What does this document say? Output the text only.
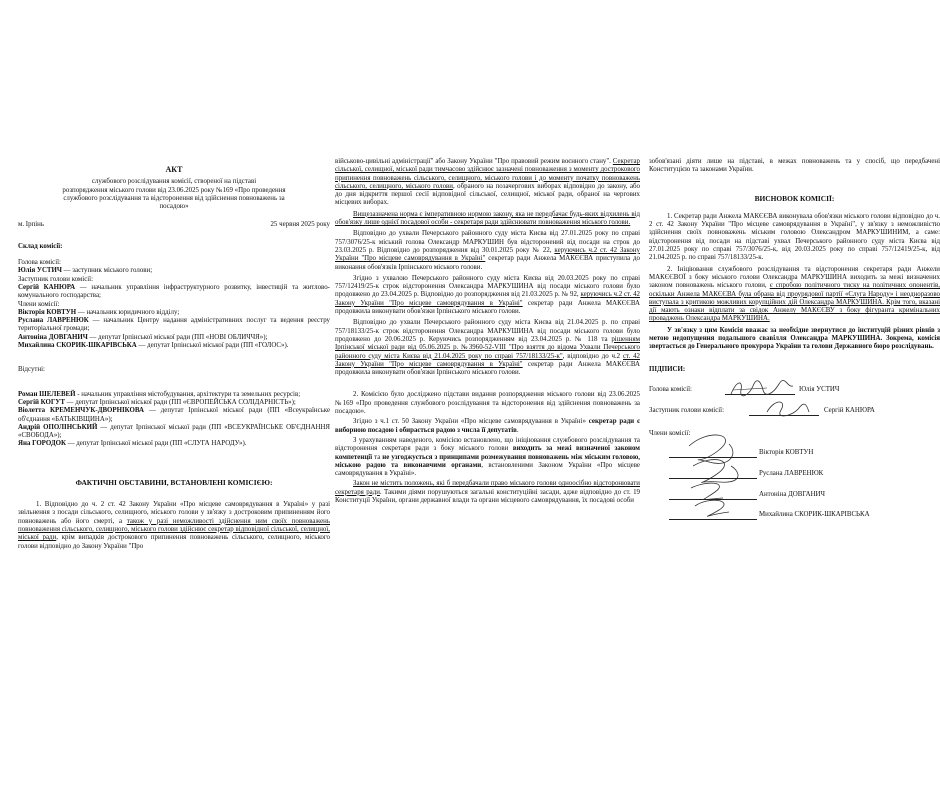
АКТ

службового розслідування комісії, створеної на підставі

розпорядження міського голови від 23.06.2025 року №169 «Про проведення

службового розслідування та відсторонення від здійснення повноважень за

посадою»

м. Ірпінь	25 червня 2025 року

Склад комісії:

Голова комісії:

Юлія УСТИЧ — заступник міського голови;

Заступник голови комісії:

Сергій КАНЮРА — начальник управління інфраструктурного розвитку, інвестицій та житлово-комунального господарства;

Члени комісії:

Вікторія КОВТУН — начальник юридичного відділу;

Руслана ЛАВРЕНЮК — начальник Центру надання адміністративних послуг та ведення реєстру територіальної громади;

Антоніна ДОВГАНИЧ — депутат Ірпінської міської ради (ПП «НОВІ ОБЛИЧЧЯ»);

Михайлина СКОРИК-ШКАРІВСЬКА — депутат Ірпінської міської ради (ПП «ГОЛОС»).

Відсутні:

Роман ШЕЛЕВЕЙ - начальник управління містобудування, архітектури та земельних ресурсів;

Сергій КОГУТ — депутат Ірпінської міської ради (ПП «ЄВРОПЕЙСЬКА СОЛІДАРНІСТЬ»);

Віолетта КРЕМЕНЧУК-ДВОРНІКОВА — депутат Ірпінської міської ради (ПП «Всеукраїнське об'єднання «БАТЬКІВЩИНА»);

Андрій ОПОЛІНСЬКИЙ — депутат Ірпінської міської ради (ПП «ВСЕУКРАЇНСЬКЕ ОБ'ЄДНАННЯ «СВОБОДА»);

Яна ГОРОДОК — депутат Ірпінської міської ради (ПП «СЛУГА НАРОДУ»).

ФАКТИЧНІ ОБСТАВИНИ, ВСТАНОВЛЕНІ КОМІСІЄЮ:

1. Відповідно до ч. 2 ст. 42 Закону України «Про місцеве самоврядування в Україні» у разі звільнення з посади сільського, селищного, міського голови у зв'язку з достроковим припиненням його повноважень або його смерті, а також у разі неможливості здійснення ним своїх повноважень повноваження сільського, селищного, міського голови здійснює секретар відповідної сільської, селищної, міської ради, крім випадків дострокового припинення повноважень сільського, селищного, міського голови відповідно до Закону України "Про

військово-цивільні адміністрації" або Закону України "Про правовий режим воєнного стану". Секретар сільської, селищної, міської ради тимчасово здійснює зазначені повноваження з моменту дострокового припинення повноважень сільського, селищного, міського голови і до моменту початку повноважень сільського, селищного, міського голови, обраного на позачергових виборах відповідно до закону, або до дня відкриття першої сесії відповідної сільської, селищної, міської ради, обраної на чергових місцевих виборах.

Вищезазначена норма є імперативною нормою закону, яка не передбачає будь-яких відхилень від обов'язку лише однієї посадової особи - секретаря ради здійснювати повноваження міського голови.

Відповідно до ухвали Печерського районного суду міста Києва від 27.01.2025 року по справі 757/3076/25-к міський голова Олександр МАРКУШИН був відсторонений від посади на строк до 23.03.2025 р. Відповідно до розпорядження від 30.01.2025 року № 22, керуючись ч.2 ст. 42 Закону України "Про місцеве самоврядування в Україні" секретар ради Анжела МАКЄЄВА приступила до виконання обов'язків Ірпінського міського голови.

Згідно з ухвалою Печерського районного суду міста Києва від 20.03.2025 року по справі 757/12419/25-к строк відсторонення Олександра МАРКУШИНА від посади міського голови було продовжено до 23.04.2025 р. Відповідно до розпорядження від 21.03.2025 р. № 92, керуючись ч.2 ст. 42 Закону України "Про місцеве самоврядування в Україні" секретар ради Анжела МАКЄЄВА продовжила виконувати обов'язки Ірпінського міського голови.

Відповідно до ухвали Печерського районного суду міста Києва від 21.04.2025 р. по справі 757/18133/25-к строк відсторонення Олександра МАРКУШИНА від посади міського голови було продовжено до 20.06.2025 р. Керуючись розпорядженням від 23.04.2025 р. № 118 та рішенням Ірпінської міської ради від 05.06.2025 р. №3960-52-VIII "Про взяття до відома Ухвали Печерського районного суду міста Києва від 21.04.2025 року по справі 757/18133/25-к", відповідно до ч.2 ст. 42 Закону України "Про місцеве самоврядування в Україні" секретар ради Анжела МАКЄЄВА продовжила виконувати обов'язки Ірпінського міського голови.

2. Комісією було досліджено підстави видання розпорядження міського голови від 23.06.2025 №169 «Про проведення службового розслідування та відсторонення від здійснення повноважень за посадою».

Згідно з ч.1 ст. 50 Закону України «Про місцеве самоврядування в Україні» секретар ради є виборною посадою і обирається радою з числа її депутатів.

З урахуванням наведеного, комісією встановлено, що ініціювання службового розслідування та відсторонення секретаря ради з боку міського голови виходить за межі визначеної законом компетенції та не узгоджується з принципами розмежування повноважень між міським головою, міською радою та виконавчими органами, встановленими Законом України «Про місцеве самоврядування в Україні».

Закон не містить положень, які б передбачали право міського голови одноосібно відсторонювати секретаря ради. Такими діями порушуються загальні конституційні засади, адже відповідно до ст. 19 Конституції України, органи державної влади та органи місцевого самоврядування, їх посадові особи

зобов'язані діяти лише на підставі, в межах повноважень та у спосіб, що передбачені Конституцією та законами України.

ВИСНОВОК КОМІСІЇ:

1. Секретар ради Анжела МАКЄЄВА виконувала обов'язки міського голови відповідно до ч. 2 ст. 42 Закону України "Про місцеве самоврядування в Україні", у зв'язку з неможливістю здійснення своїх повноважень міським головою Олександром МАРКУШИНИМ, а саме: відсторонення від посади на підставі ухвал Печерського районного суду міста Києва від 27.01.2025 року по справі 757/3076/25-к, від 20.03.2025 року по справі 757/12419/25-к, від 21.04.2025 р. по справі 757/18133/25-к.

2. Ініціювання службового розслідування та відсторонення секретаря ради Анжели МАКЄЄВОЇ з боку міського голови Олександра МАРКУШИНА виходить за межі визначених законом повноважень міського голови, є спробою політичного тиску на політичних опонентів, оскільки Анжела МАКЄЄВА була обрана від проурядової партії «Слуга Народу» і неодноразово виступала з критикою можливих корупційних дій Олександра МАРКУШИНА. Крім того, вказані дії мають ознаки відплати за свідок Анжелу МАКЄЄВУ з боку фігуранта кримінальних проваджень Олександра МАРКУШИНА.

У зв'язку з цим Комісія вважає за необхідне звернутися до інституцій різних рівнів з метою недопущення подальшого свавілля Олександра МАРКУШИНА. Зокрема, комісія звертається до Генерального прокурора України та голови Державного бюро розслідувань.

ПІДПИСИ:

Голова комісії:	Юлія УСТИЧ
Заступник голови комісії:	Сергій КАНЮРА
Члени комісії:
Вікторія КОВТУН
Руслана ЛАВРЕНЮК
Антоніна ДОВГАНИЧ
Михайлина СКОРИК-ШКАРІВСЬКА
